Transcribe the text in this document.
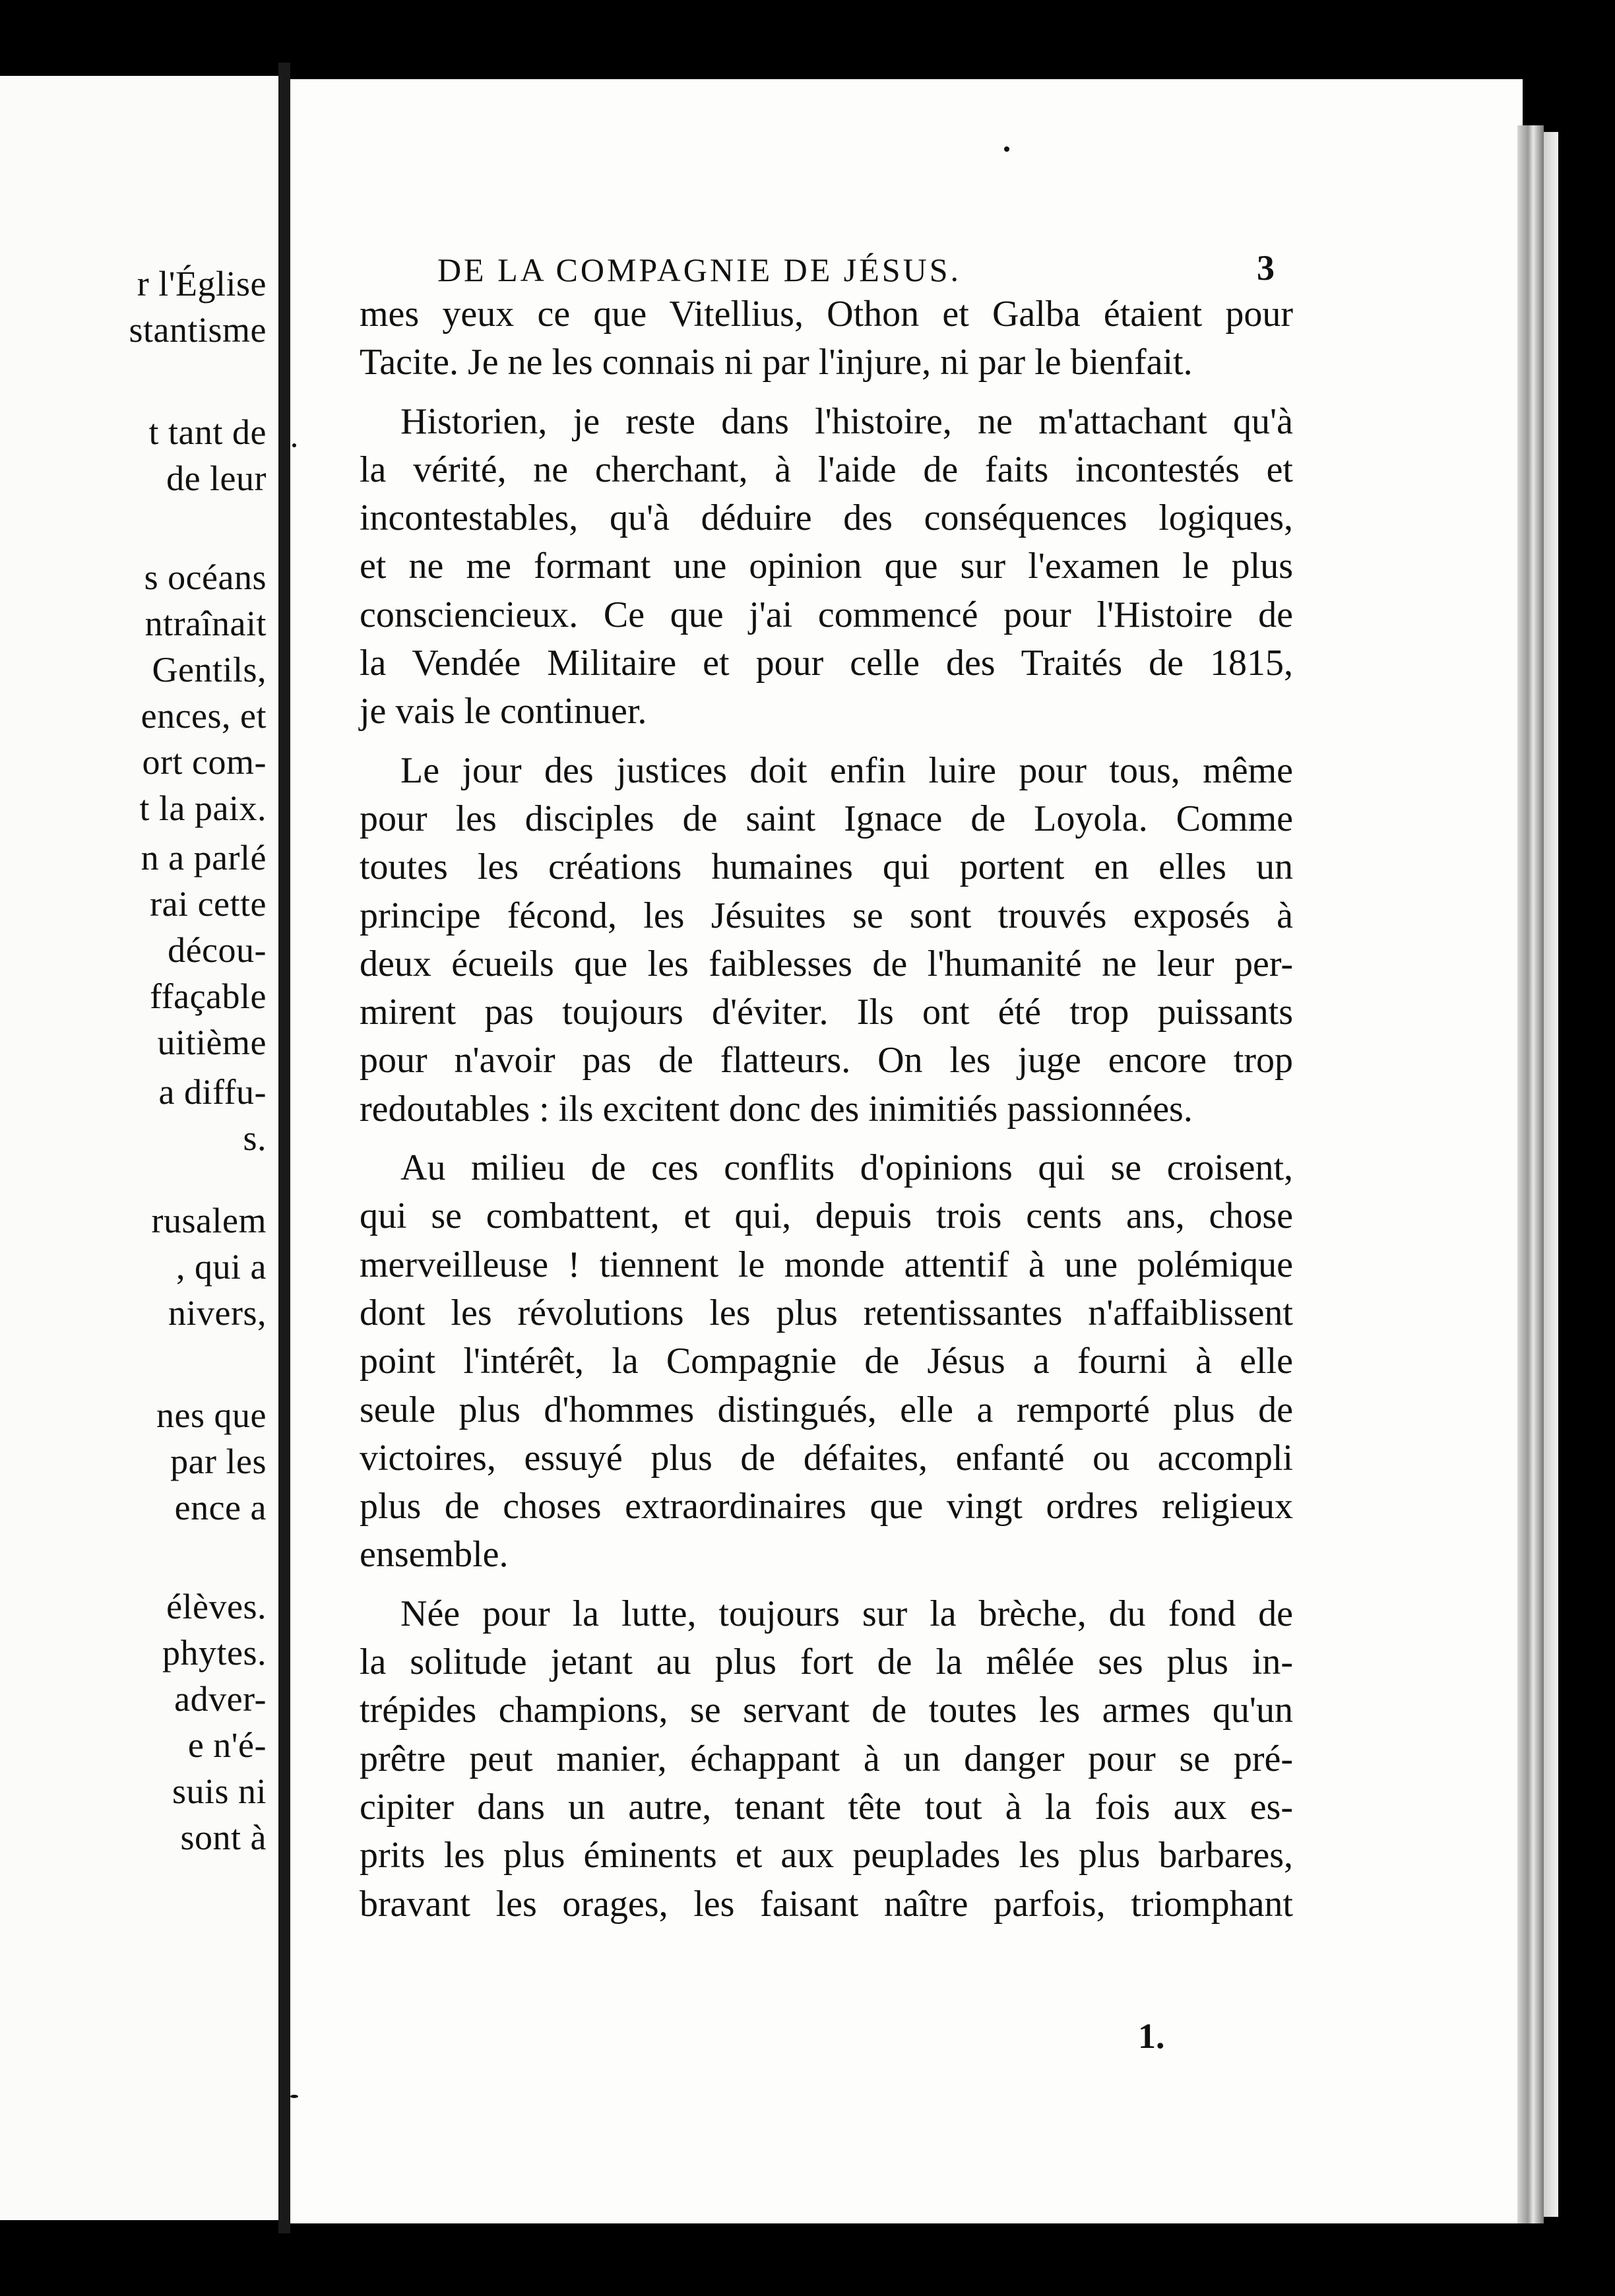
r l'Église
stantisme
t tant de
de leur
s océans
ntraînait
Gentils,
ences, et
ort com-
t la paix.
n a parlé
rai cette
décou-
ffaçable
uitième
a diffu-
s.
rusalem
, qui a
nivers,
nes que
par les
ence a
élèves.
phytes.
adver-
e n'é-
suis ni
sont à
DE LA COMPAGNIE DE JÉSUS.	3
mes yeux ce que Vitellius, Othon et Galba étaient pour
Tacite. Je ne les connais ni par l'injure, ni par le bienfait.
Historien, je reste dans l'histoire, ne m'attachant qu'à
la vérité, ne cherchant, à l'aide de faits incontestés et
incontestables, qu'à déduire des conséquences logiques,
et ne me formant une opinion que sur l'examen le plus
consciencieux. Ce que j'ai commencé pour l'Histoire de
la Vendée Militaire et pour celle des Traités de 1815,
je vais le continuer.
Le jour des justices doit enfin luire pour tous, même
pour les disciples de saint Ignace de Loyola. Comme
toutes les créations humaines qui portent en elles un
principe fécond, les Jésuites se sont trouvés exposés à
deux écueils que les faiblesses de l'humanité ne leur per-
mirent pas toujours d'éviter. Ils ont été trop puissants
pour n'avoir pas de flatteurs. On les juge encore trop
redoutables : ils excitent donc des inimitiés passionnées.
Au milieu de ces conflits d'opinions qui se croisent,
qui se combattent, et qui, depuis trois cents ans, chose
merveilleuse ! tiennent le monde attentif à une polémique
dont les révolutions les plus retentissantes n'affaiblissent
point l'intérêt, la Compagnie de Jésus a fourni à elle
seule plus d'hommes distingués, elle a remporté plus de
victoires, essuyé plus de défaites, enfanté ou accompli
plus de choses extraordinaires que vingt ordres religieux
ensemble.
Née pour la lutte, toujours sur la brèche, du fond de
la solitude jetant au plus fort de la mêlée ses plus in-
trépides champions, se servant de toutes les armes qu'un
prêtre peut manier, échappant à un danger pour se pré-
cipiter dans un autre, tenant tête tout à la fois aux es-
prits les plus éminents et aux peuplades les plus barbares,
bravant les orages, les faisant naître parfois, triomphant
1.
